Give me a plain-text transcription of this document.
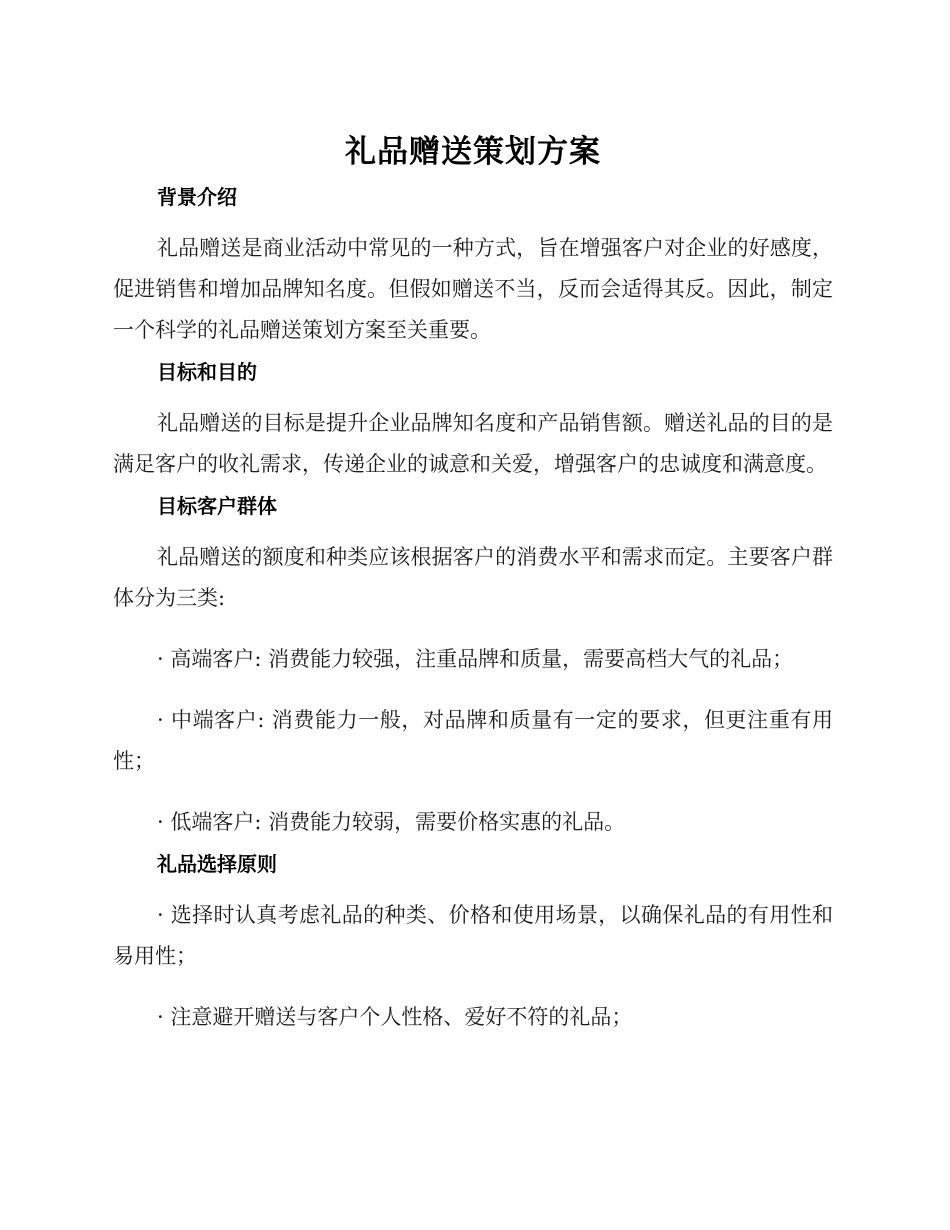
礼品赠送策划方案

背景介绍

礼品赠送是商业活动中常见的一种方式，旨在增强客户对企业的好感度，促进销售和增加品牌知名度。但假如赠送不当，反而会适得其反。因此，制定一个科学的礼品赠送策划方案至关重要。

目标和目的

礼品赠送的目标是提升企业品牌知名度和产品销售额。赠送礼品的目的是满足客户的收礼需求，传递企业的诚意和关爱，增强客户的忠诚度和满意度。

目标客户群体

礼品赠送的额度和种类应该根据客户的消费水平和需求而定。主要客户群体分为三类:

· 高端客户: 消费能力较强，注重品牌和质量，需要高档大气的礼品；

· 中端客户: 消费能力一般，对品牌和质量有一定的要求，但更注重有用性；

· 低端客户: 消费能力较弱，需要价格实惠的礼品。

礼品选择原则

· 选择时认真考虑礼品的种类、价格和使用场景，以确保礼品的有用性和易用性；

· 注意避开赠送与客户个人性格、爱好不符的礼品；
